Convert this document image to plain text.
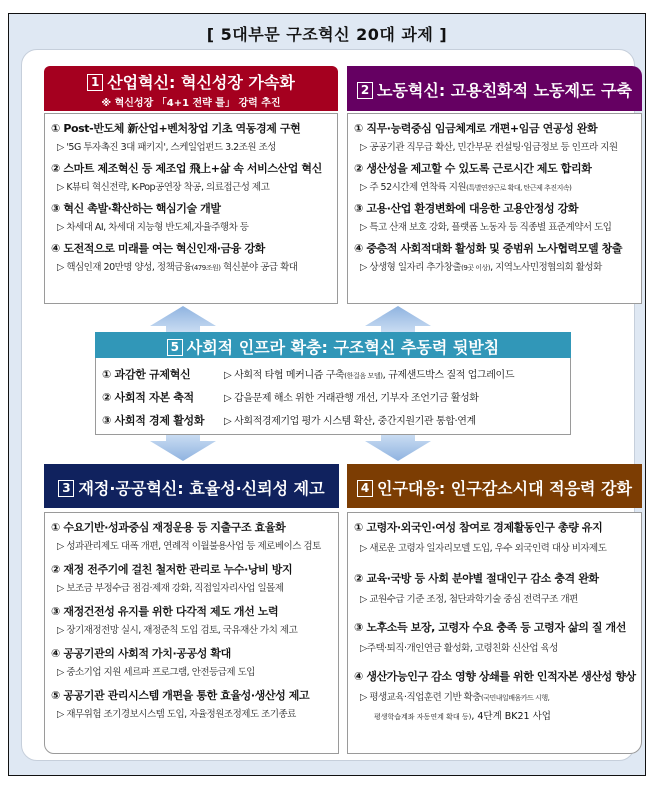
[ 5대부문 구조혁신 20대 과제 ]
1 산업혁신: 혁신성장 가속화
※ 혁신성장 「4+1 전략 틀」 강력 추진
① Post-반도체 新산업+벤처창업 기초 역동경제 구현
▷ '5G 투자촉진 3대 패키지', 스케일업펀드 3.2조원 조성
② 스마트 제조혁신 등 제조업 飛上+삶 속 서비스산업 혁신
▷ K뷰티 혁신전략, K-Pop공연장 착공, 의료접근성 제고
③ 혁신 촉발·확산하는 핵심기술 개발
▷ 차세대 AI, 차세대 지능형 반도체,자율주행차 등
④ 도전적으로 미래를 여는 혁신인재·금융 강화
▷ 핵심인재 20만명 양성, 정책금융(479조원) 혁신분야 공급 확대
2 노동혁신: 고용친화적 노동제도 구축
① 직무·능력중심 임금체계로 개편+임금 연공성 완화
▷ 공공기관 직무급 확산, 민간부문 컨설팅·임금정보 등 인프라 지원
② 생산성을 제고할 수 있도록 근로시간 제도 합리화
▷ 주 52시간제 연착륙 지원(특별연장근로 확대, 탄근제 추진지속)
③ 고용·산업 환경변화에 대응한 고용안정성 강화
▷ 특고 산재 보호 강화, 플랫폼 노동자 등 직종별 표준계약서 도입
④ 중층적 사회적대화 활성화 및 중범위 노사협력모델 창출
▷ 상생형 일자리 추가창출(9곳 이상), 지역노사민정협의회 활성화
5 사회적 인프라 확충: 구조혁신 추동력 뒷받침
① 과감한 규제혁신	▷ 사회적 타협 메커니즘 구축(한걸음 모델), 규제샌드박스 질적 업그레이드
② 사회적 자본 축적	▷ 갑을문제 해소 위한 거래관행 개선, 기부자 조언기금 활성화
③ 사회적 경제 활성화	▷ 사회적경제기업 평가 시스템 확산, 중간지원기관 통합·연계
3 재정·공공혁신: 효율성·신뢰성 제고
① 수요기반·성과중심 재정운용 등 지출구조 효율화
▷ 성과관리제도 대폭 개편, 연례적 이월불용사업 등 제로베이스 검토
② 재정 전주기에 걸친 철저한 관리로 누수·낭비 방지
▷ 보조금 부정수급 점검·제재 강화, 직접일자리사업 일몰제
③ 재정건전성 유지를 위한 다각적 제도 개선 노력
▷ 장기재정전망 실시, 재정준칙 도입 검토, 국유재산 가치 제고
④ 공공기관의 사회적 가치·공공성 확대
▷ 중소기업 지원 세르파 프로그램, 안전등급제 도입
⑤ 공공기관 관리시스템 개편을 통한 효율성·생산성 제고
▷ 재무위험 조기경보시스템 도입, 자율정원조정제도 조기종료
4 인구대응: 인구감소시대 적응력 강화
① 고령자·외국인·여성 참여로 경제활동인구 총량 유지
▷ 새로운 고령자 일자리모델 도입, 우수 외국인력 대상 비자제도
② 교육·국방 등 사회 분야별 절대인구 감소 충격 완화
▷ 교원수급 기준 조정, 첨단과학기술 중심 전력구조 개편
③ 노후소득 보장, 고령자 수요 충족 등 고령자 삶의 질 개선
▷주택·퇴직·개인연금 활성화, 고령친화 신산업 육성
④ 생산가능인구 감소 영향 상쇄를 위한 인적자본 생산성 향상
▷ 평생교육·직업훈련 기반 확충(국민내일배움카드 시행,
평생학습계좌 자동연계 확대 등), 4단계 BK21 사업
